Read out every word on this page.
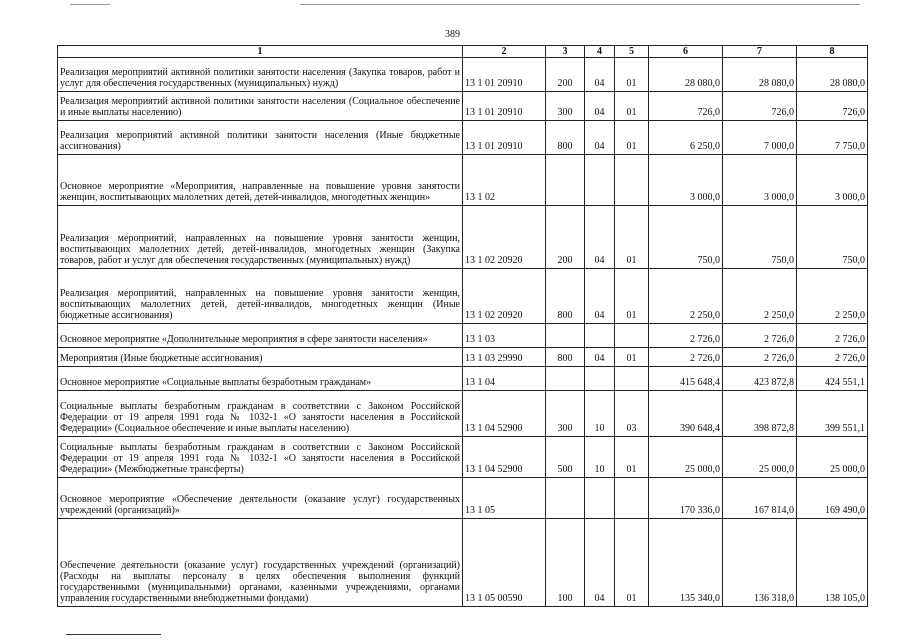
389
1	2	3	4	5	6	7	8
Реализация мероприятий активной политики занятости населения (Закупка товаров, работ и услуг для обеспечения государственных (муниципальных) нужд)	13 1 01 20910	200	04	01	28 080,0	28 080,0	28 080,0
Реализация мероприятий активной политики занятости населения (Социальное обеспечение и иные выплаты населению)	13 1 01 20910	300	04	01	726,0	726,0	726,0
Реализация мероприятий активной политики занятости населения (Иные бюджетные ассигнования)	13 1 01 20910	800	04	01	6 250,0	7 000,0	7 750,0
Основное мероприятие «Мероприятия, направленные на повышение уровня занятости женщин, воспитывающих малолетних детей, детей-инвалидов, многодетных женщин»	13 1 02				3 000,0	3 000,0	3 000,0
Реализация мероприятий, направленных на повышение уровня занятости женщин, воспитывающих малолетних детей, детей-инвалидов, многодетных женщин (Закупка товаров, работ и услуг для обеспечения государственных (муниципальных) нужд)	13 1 02 20920	200	04	01	750,0	750,0	750,0
Реализация мероприятий, направленных на повышение уровня занятости женщин, воспитывающих малолетних детей, детей-инвалидов, многодетных женщин (Иные бюджетные ассигнования)	13 1 02 20920	800	04	01	2 250,0	2 250,0	2 250,0
Основное мероприятие «Дополнительные мероприятия в сфере занятости населения»	13 1 03				2 726,0	2 726,0	2 726,0
Мероприятия (Иные бюджетные ассигнования)	13 1 03 29990	800	04	01	2 726,0	2 726,0	2 726,0
Основное мероприятие «Социальные выплаты безработным гражданам»	13 1 04				415 648,4	423 872,8	424 551,1
Социальные выплаты безработным гражданам в соответствии с Законом Российской Федерации от 19 апреля 1991 года № 1032-1 «О занятости населения в Российской Федерации» (Социальное обеспечение и иные выплаты населению)	13 1 04 52900	300	10	03	390 648,4	398 872,8	399 551,1
Социальные выплаты безработным гражданам в соответствии с Законом Российской Федерации от 19 апреля 1991 года № 1032-1 «О занятости населения в Российской Федерации» (Межбюджетные трансферты)	13 1 04 52900	500	10	01	25 000,0	25 000,0	25 000,0
Основное мероприятие «Обеспечение деятельности (оказание услуг) государственных учреждений (организаций)»	13 1 05				170 336,0	167 814,0	169 490,0
Обеспечение деятельности (оказание услуг) государственных учреждений (организаций) (Расходы на выплаты персоналу в целях обеспечения выполнения функций государственными (муниципальными) органами, казенными учреждениями, органами управления государственными внебюджетными фондами)	13 1 05 00590	100	04	01	135 340,0	136 318,0	138 105,0
